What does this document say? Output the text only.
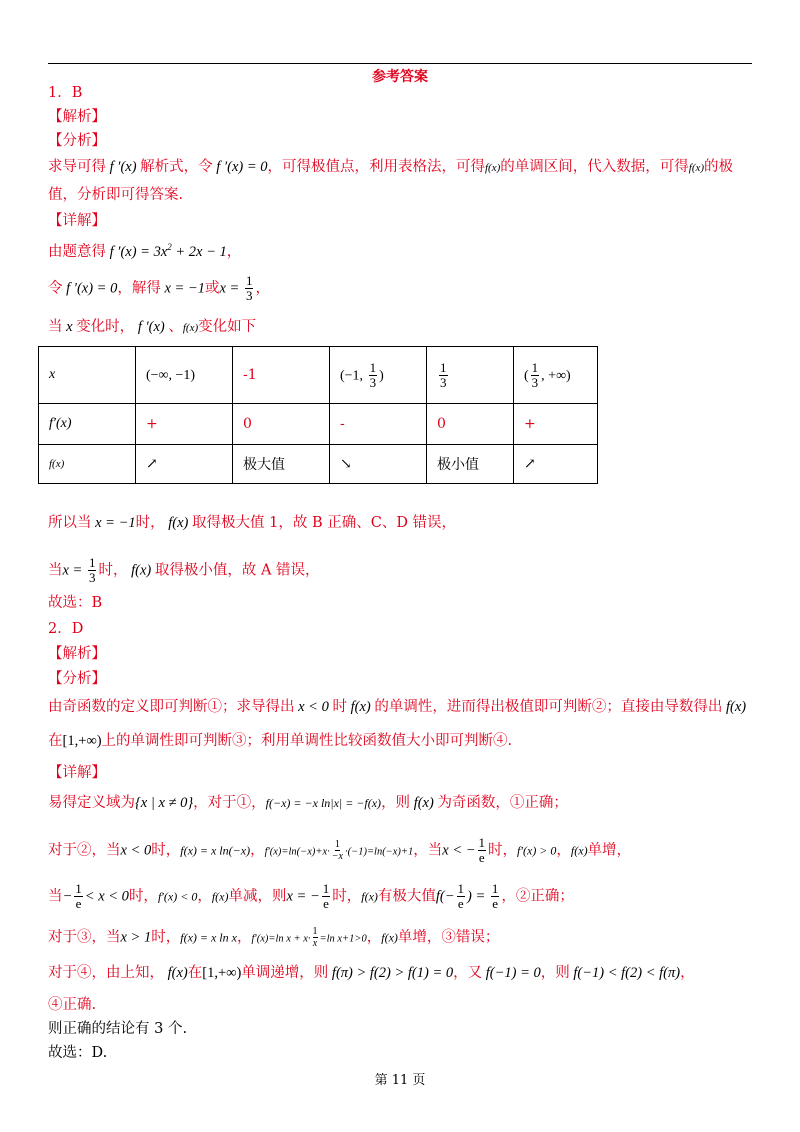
参考答案
1．B
【解析】
【分析】
求导可得 f ′(x) 解析式，令 f ′(x) = 0，可得极值点，利用表格法，可得f(x)的单调区间，代入数据，可得f(x)的极
值，分析即可得答案.
【详解】
由题意得 f $'(x) = 3x^2 + 2x - 1$，
令 f ′(x) = 0，解得 x = −1或$x = \frac{1}{3}$ ，
当 x 变化时， f ′(x) 、f(x)变化如下
x	(−∞, −1)	-1	(−1, $\frac{1}{3}$ )	$\frac{1}{3}$	( $\frac{1}{3}$ , +∞)
f′(x)	+	0	-	0	+
f(x)	↗	极大值	↘	极小值	↗
所以当 x = −1时， f(x) 取得极大值 1，故 B 正确、C、D 错误，
当$x = \frac{1}{3}$ 时， f(x) 取得极小值，故 A 错误，
故选：B
2．D
【解析】
【分析】
由奇函数的定义即可判断①；求导得出 x < 0 时 f(x) 的单调性，进而得出极值即可判断②；直接由导数得出 f(x)
在[1,+∞)上的单调性即可判断③；利用单调性比较函数值大小即可判断④.
【详解】
易得定义域为{x | x ≠ 0}，对于①，f(−x) = −x ln|x| = −f(x)，则 f(x) 为奇函数，①正确；
对于②，当x < 0时，f(x) = x ln(−x)，$f'(x)=\ln(-x)+x\cdot \frac{1}{-x} \cdot(-1)=\ln(-x)+1$，当x < − $\frac{1}{e}$ 时，f′(x) > 0，f(x)单增，
当− $\frac{1}{e} < x < 0$时，f′(x) < 0，f(x)单减，则x = − $\frac{1}{e}$ 时，f(x)有极大值$f(- \frac{1}{e}$ ) = $\frac{1}{e}$ ，②正确；
对于③，当x > 1时，f(x) = x ln x，f′(x)=ln $x + x\cdot \frac{1}{x} =\ln$ x+1>0，f(x)单增，③错误；
对于④，由上知， f(x)在[1,+∞)单调递增，则 f(π) > f(2) > f(1) = 0，又 f(−1) = 0，则 f(−1) < f(2) < f(π)，
④正确.
则正确的结论有 3 个.
故选：D.
第 11 页
